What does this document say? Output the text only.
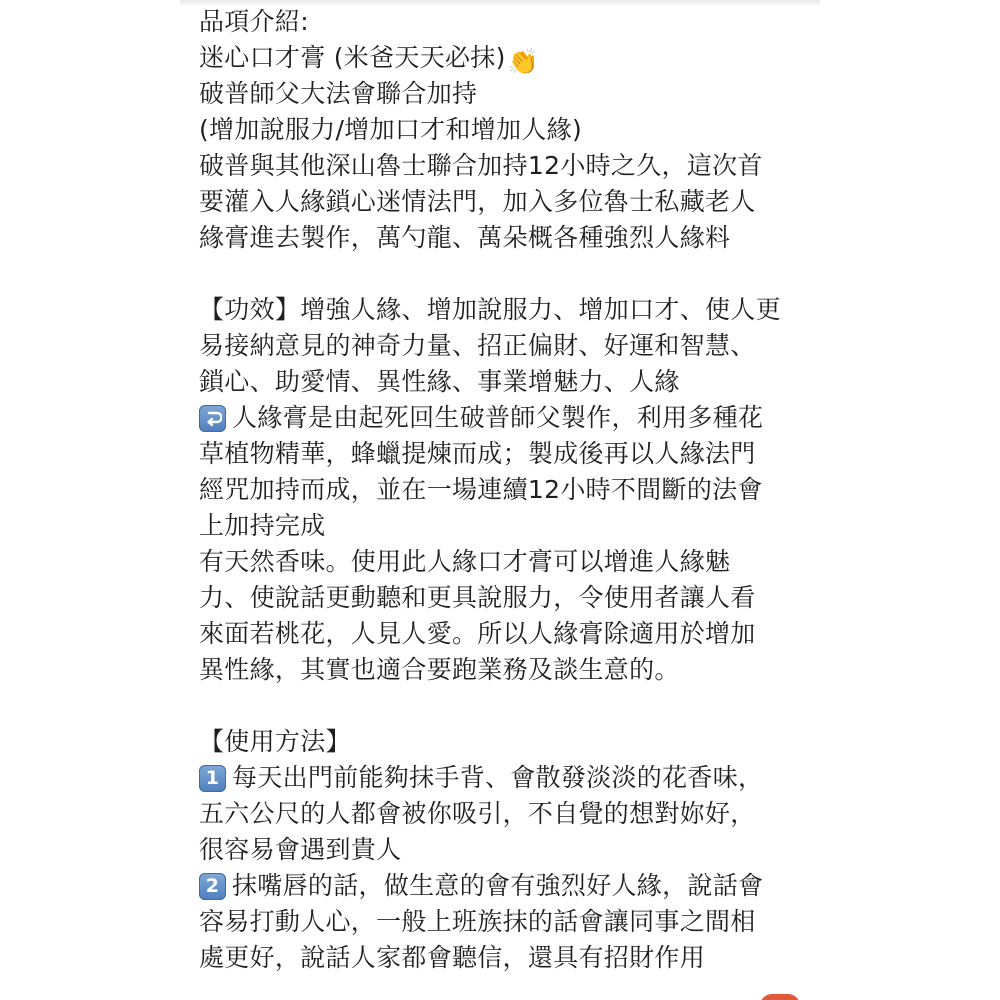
品項介紹:
迷心口才膏 (米爸天天必抹)👏
破普師父大法會聯合加持
(增加說服力/增加口才和增加人緣)
破普與其他深山魯士聯合加持12小時之久，這次首
要灌入人緣鎖心迷情法門，加入多位魯士私藏老人
緣膏進去製作，萬勺龍、萬朵概各種強烈人緣料
【功效】增強人緣、增加說服力、增加口才、使人更
易接納意見的神奇力量、招正偏財、好運和智慧、
鎖心、助愛情、異性緣、事業增魅力、人緣
人緣膏是由起死回生破普師父製作，利用多種花
草植物精華，蜂蠟提煉而成；製成後再以人緣法門
經咒加持而成，並在一場連續12小時不間斷的法會
上加持完成
有天然香味。使用此人緣口才膏可以增進人緣魅
力、使說話更動聽和更具說服力，令使用者讓人看
來面若桃花，人見人愛。所以人緣膏除適用於增加
異性緣，其實也適合要跑業務及談生意的。
【使用方法】
1 每天出門前能夠抹手背、會散發淡淡的花香味，
五六公尺的人都會被你吸引，不自覺的想對妳好，
很容易會遇到貴人
2 抹嘴唇的話，做生意的會有強烈好人緣，說話會
容易打動人心，一般上班族抹的話會讓同事之間相
處更好，說話人家都會聽信，還具有招財作用
